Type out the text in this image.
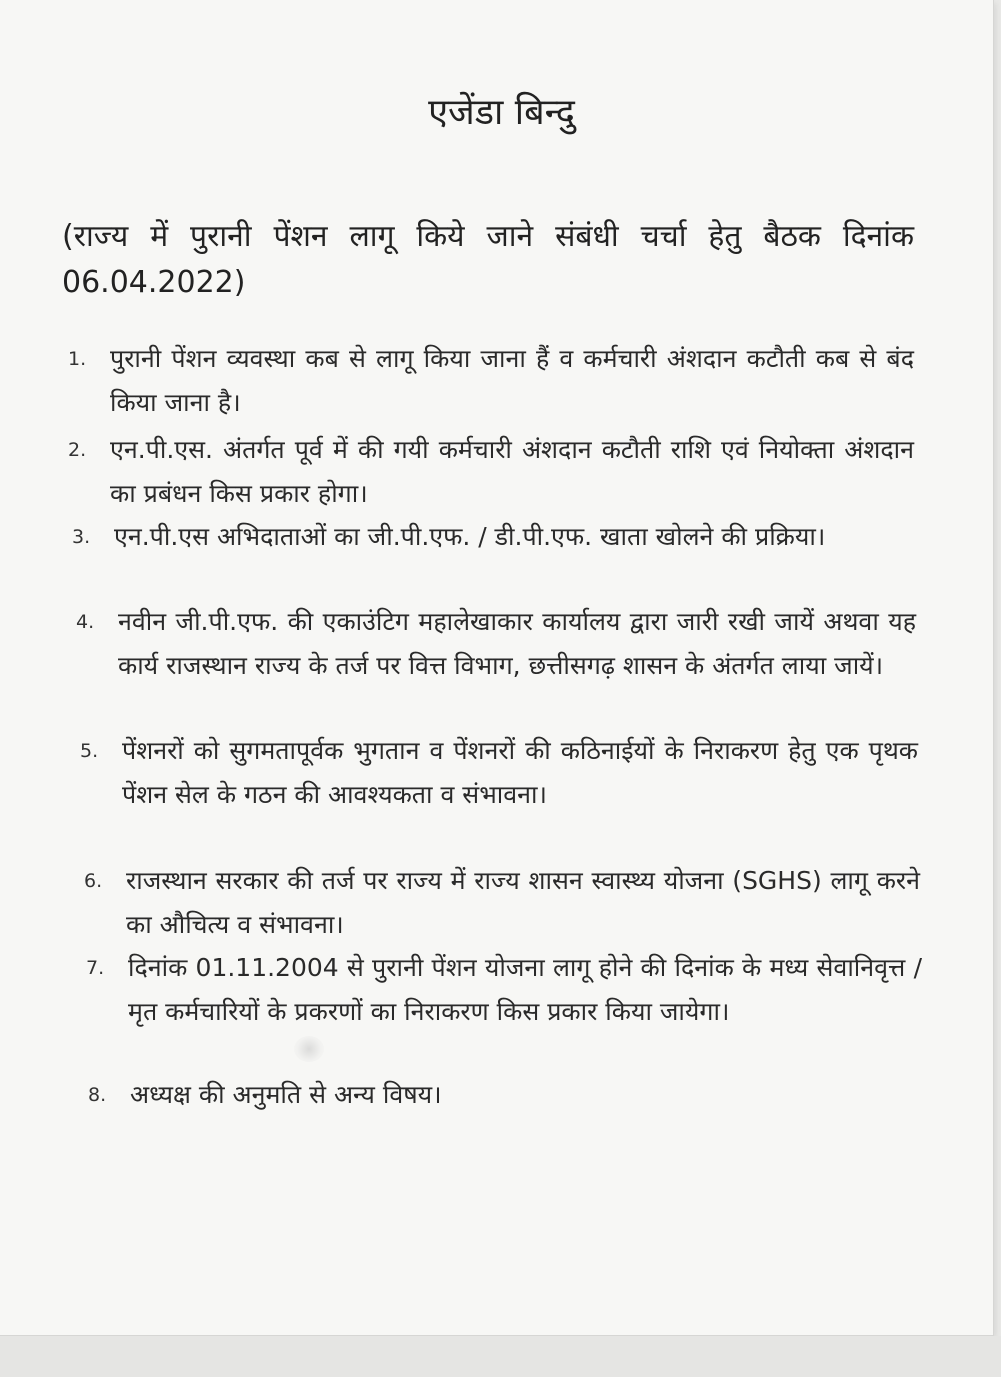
एजेंडा बिन्दु
(राज्य में पुरानी पेंशन लागू किये जाने संबंधी चर्चा हेतु बैठक दिनांक 06.04.2022)
1. पुरानी पेंशन व्यवस्था कब से लागू किया जाना हैं व कर्मचारी अंशदान कटौती कब से बंद किया जाना है।
2. एन.पी.एस. अंतर्गत पूर्व में की गयी कर्मचारी अंशदान कटौती राशि एवं नियोक्ता अंशदान का प्रबंधन किस प्रकार होगा।
3. एन.पी.एस अभिदाताओं का जी.पी.एफ. / डी.पी.एफ. खाता खोलने की प्रक्रिया।
4. नवीन जी.पी.एफ. की एकाउंटिग महालेखाकार कार्यालय द्वारा जारी रखी जायें अथवा यह कार्य राजस्थान राज्य के तर्ज पर वित्त विभाग, छत्तीसगढ़ शासन के अंतर्गत लाया जायें।
5. पेंशनरों को सुगमतापूर्वक भुगतान व पेंशनरों की कठिनाईयों के निराकरण हेतु एक पृथक पेंशन सेल के गठन की आवश्यकता व संभावना।
6. राजस्थान सरकार की तर्ज पर राज्य में राज्य शासन स्वास्थ्य योजना (SGHS) लागू करने का औचित्य व संभावना।
7. दिनांक 01.11.2004 से पुरानी पेंशन योजना लागू होने की दिनांक के मध्य सेवानिवृत्त / मृत कर्मचारियों के प्रकरणों का निराकरण किस प्रकार किया जायेगा।
8. अध्यक्ष की अनुमति से अन्य विषय।
